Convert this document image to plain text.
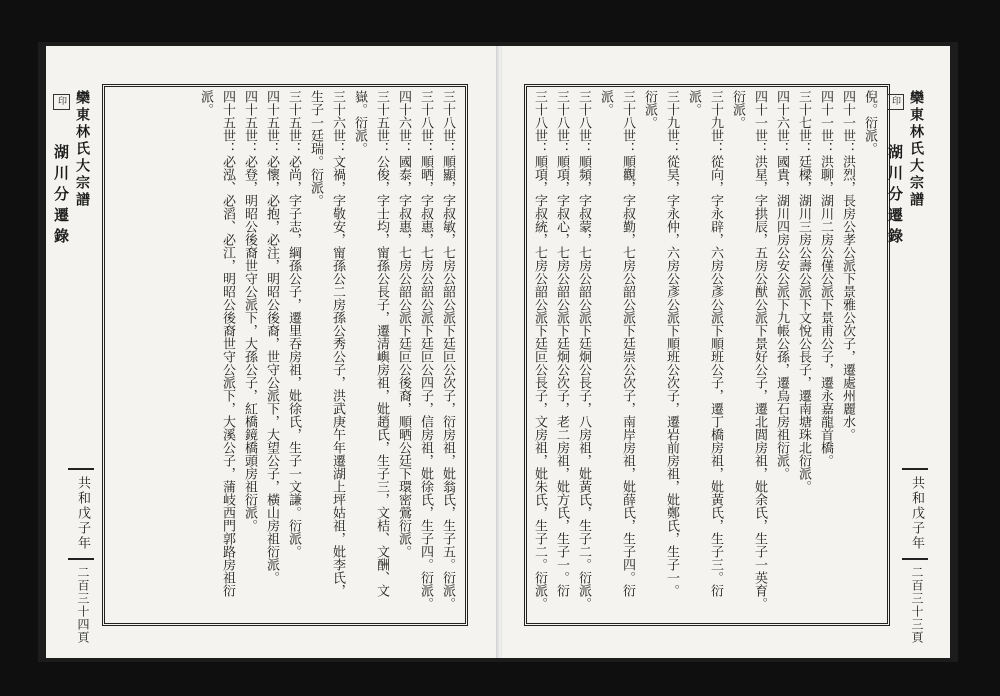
三十八世：順顯，字叔敏，七房公韶公派下廷叵公次子，衍房祖，妣翁氏，生子五。衍派。
三十八世：順晒，字叔惠，七房公韶公派下廷叵公四子，信房祖，妣徐氏，生子四。衍派。
四十六世：國泰，字叔惠，七房公韶公派下廷叵公後裔，順晒公廷下環密鶯衍派。
三十五世：公俊，字士均，甯孫公長子，遷清嶼房祖，妣趙氏，生子三，文桔、文酬、文
嶽。衍派。
三十六世：文禍，字敬安，甯孫公二房孫公秀公子，洪武庚午年遷湖上坪姑祖，妣李氏，
生子一廷瑞。衍派。
三十五世：必尚，字子志，綱孫公子，遷里吞房祖，妣徐氏，生子一文謙。衍派。
四十五世：必懷，必抱，必注，明昭公後裔，世守公派下，大望公子，橫山房祖衍派。
四十五世：必登，明昭公後裔世守公派下，大孫公子，紅橋鏡橋頭房祖衍派。
四十五世：必泓、必滔、必江，明昭公後裔世守公派下，大溪公子，蒲岐西門郭路房祖衍
派。
欒東林氏大宗譜
印 湖川分遷錄
共和戊子年
二百三十四頁
倪。衍派。
四十一世：洪烈，長房公孝公派下景雅公次子，遷處州麗水。
四十一世：洪聊，湖川二房公僅公派下景甫公子，遷永嘉龍首橋。
三十七世：廷樑，湖川三房公壽公派下文悅公長子，遷南塘珠北衍派。
四十六世：國貴，湖川四房公安公派下九帳公孫，遷烏石房祖衍派。
四十一世：洪星，字拱辰，五房公猷公派下景好公子，遷北閭房祖，妣余氏，生子一英育。
衍派。
三十九世：從向，字永辟，六房公彥公派下順班公子，遷丁橋房祖，妣黃氏，生子三。衍
派。
三十九世：從昊，字永仲，六房公彥公派下順班公次子，遷岩前房祖，妣鄭氏，生子一。
衍派。
三十八世：順觀，字叔勤，七房公韶公派下廷崇公次子，南岸房祖，妣薛氏，生子四。衍
派。
三十八世：順頻，字叔蒙，七房公韶公派下廷炯公長子，八房祖，妣黃氏，生子二。衍派。
三十八世：順項，字叔心，七房公韶公派下廷炯公次子，老二房祖，妣方氏，生子一。衍
三十八世：順項，字叔統，七房公韶公派下廷叵公長子，文房祖，妣朱氏，生子二。衍派。	欒東林氏大宗譜
印 湖川分遷錄
共和戊子年
二百三十三頁
